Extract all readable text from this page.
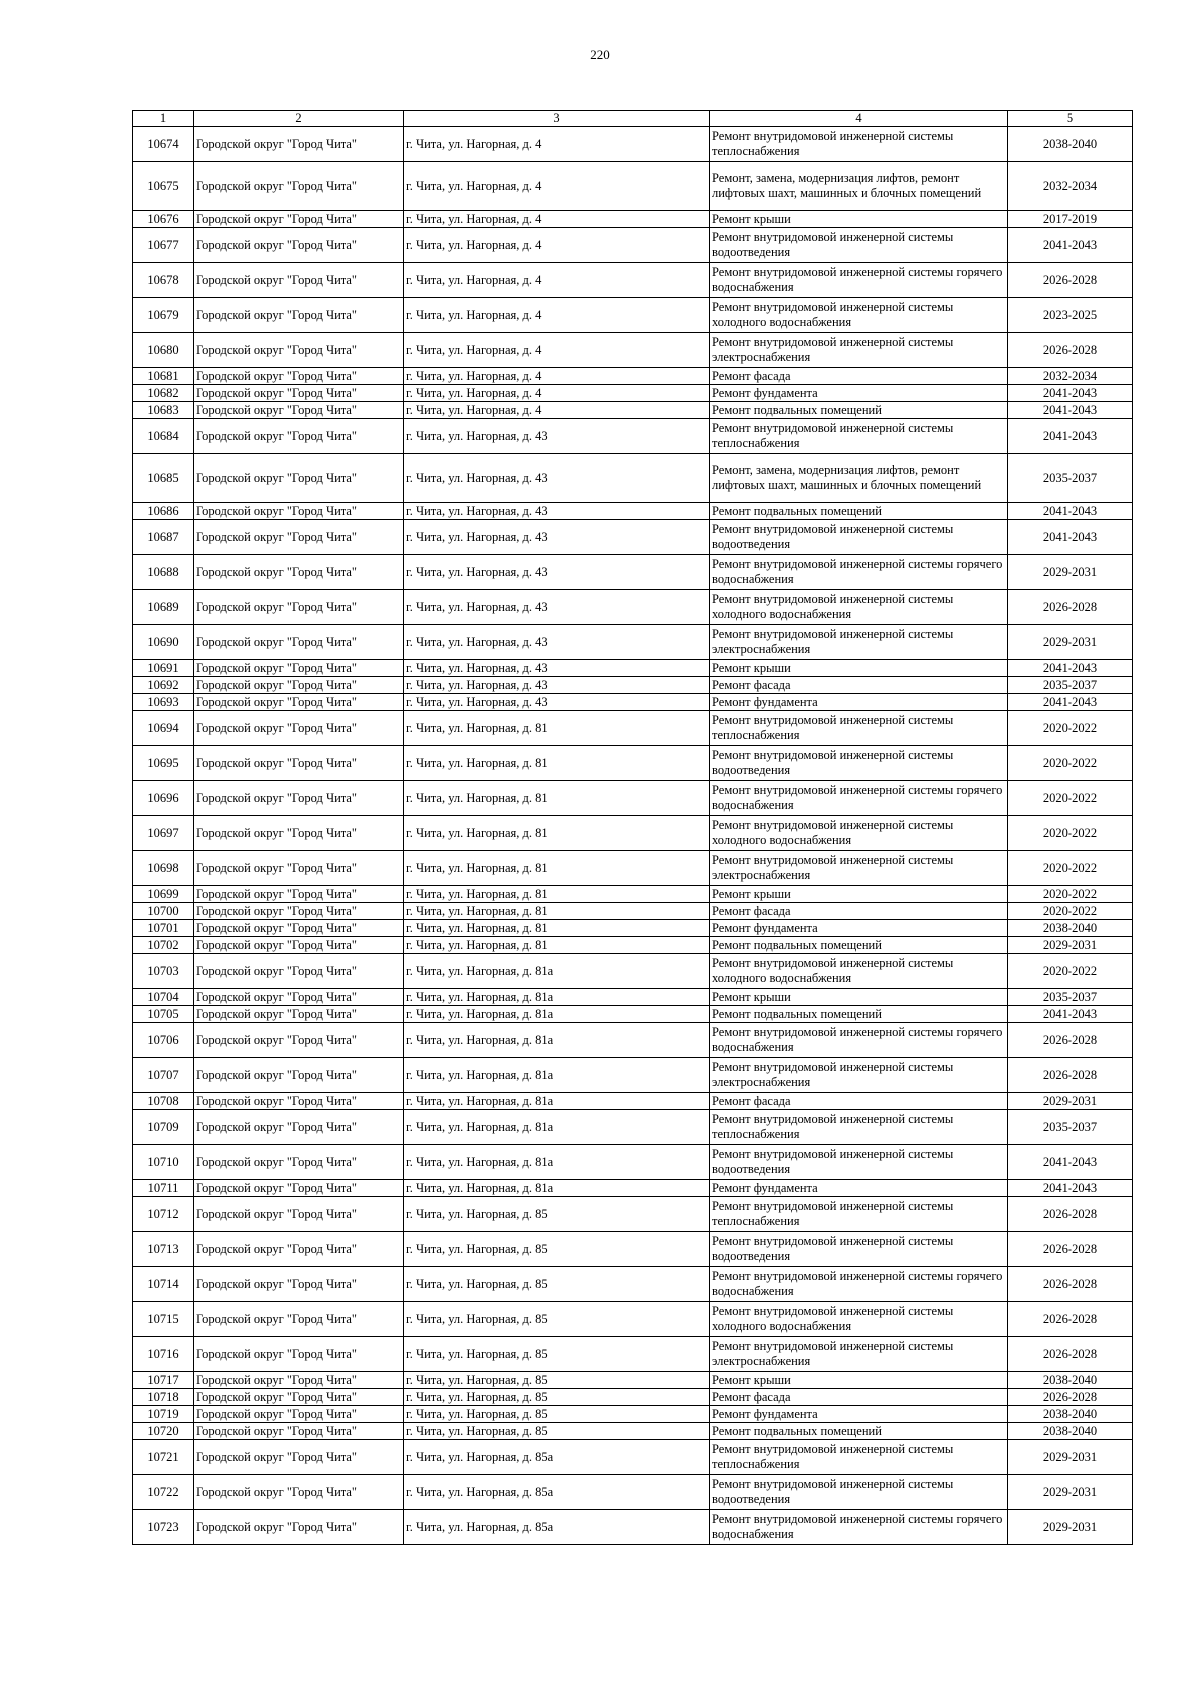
220
1	2	3	4	5
10674	Городской округ "Город Чита"	г. Чита, ул. Нагорная, д. 4	Ремонт внутридомовой инженерной системы теплоснабжения	2038-2040
10675	Городской округ "Город Чита"	г. Чита, ул. Нагорная, д. 4	Ремонт, замена, модернизация лифтов, ремонт лифтовых шахт, машинных и блочных помещений	2032-2034
10676	Городской округ "Город Чита"	г. Чита, ул. Нагорная, д. 4	Ремонт крыши	2017-2019
10677	Городской округ "Город Чита"	г. Чита, ул. Нагорная, д. 4	Ремонт внутридомовой инженерной системы водоотведения	2041-2043
10678	Городской округ "Город Чита"	г. Чита, ул. Нагорная, д. 4	Ремонт внутридомовой инженерной системы горячего водоснабжения	2026-2028
10679	Городской округ "Город Чита"	г. Чита, ул. Нагорная, д. 4	Ремонт внутридомовой инженерной системы холодного водоснабжения	2023-2025
10680	Городской округ "Город Чита"	г. Чита, ул. Нагорная, д. 4	Ремонт внутридомовой инженерной системы электроснабжения	2026-2028
10681	Городской округ "Город Чита"	г. Чита, ул. Нагорная, д. 4	Ремонт фасада	2032-2034
10682	Городской округ "Город Чита"	г. Чита, ул. Нагорная, д. 4	Ремонт фундамента	2041-2043
10683	Городской округ "Город Чита"	г. Чита, ул. Нагорная, д. 4	Ремонт подвальных помещений	2041-2043
10684	Городской округ "Город Чита"	г. Чита, ул. Нагорная, д. 43	Ремонт внутридомовой инженерной системы теплоснабжения	2041-2043
10685	Городской округ "Город Чита"	г. Чита, ул. Нагорная, д. 43	Ремонт, замена, модернизация лифтов, ремонт лифтовых шахт, машинных и блочных помещений	2035-2037
10686	Городской округ "Город Чита"	г. Чита, ул. Нагорная, д. 43	Ремонт подвальных помещений	2041-2043
10687	Городской округ "Город Чита"	г. Чита, ул. Нагорная, д. 43	Ремонт внутридомовой инженерной системы водоотведения	2041-2043
10688	Городской округ "Город Чита"	г. Чита, ул. Нагорная, д. 43	Ремонт внутридомовой инженерной системы горячего водоснабжения	2029-2031
10689	Городской округ "Город Чита"	г. Чита, ул. Нагорная, д. 43	Ремонт внутридомовой инженерной системы холодного водоснабжения	2026-2028
10690	Городской округ "Город Чита"	г. Чита, ул. Нагорная, д. 43	Ремонт внутридомовой инженерной системы электроснабжения	2029-2031
10691	Городской округ "Город Чита"	г. Чита, ул. Нагорная, д. 43	Ремонт крыши	2041-2043
10692	Городской округ "Город Чита"	г. Чита, ул. Нагорная, д. 43	Ремонт фасада	2035-2037
10693	Городской округ "Город Чита"	г. Чита, ул. Нагорная, д. 43	Ремонт фундамента	2041-2043
10694	Городской округ "Город Чита"	г. Чита, ул. Нагорная, д. 81	Ремонт внутридомовой инженерной системы теплоснабжения	2020-2022
10695	Городской округ "Город Чита"	г. Чита, ул. Нагорная, д. 81	Ремонт внутридомовой инженерной системы водоотведения	2020-2022
10696	Городской округ "Город Чита"	г. Чита, ул. Нагорная, д. 81	Ремонт внутридомовой инженерной системы горячего водоснабжения	2020-2022
10697	Городской округ "Город Чита"	г. Чита, ул. Нагорная, д. 81	Ремонт внутридомовой инженерной системы холодного водоснабжения	2020-2022
10698	Городской округ "Город Чита"	г. Чита, ул. Нагорная, д. 81	Ремонт внутридомовой инженерной системы электроснабжения	2020-2022
10699	Городской округ "Город Чита"	г. Чита, ул. Нагорная, д. 81	Ремонт крыши	2020-2022
10700	Городской округ "Город Чита"	г. Чита, ул. Нагорная, д. 81	Ремонт фасада	2020-2022
10701	Городской округ "Город Чита"	г. Чита, ул. Нагорная, д. 81	Ремонт фундамента	2038-2040
10702	Городской округ "Город Чита"	г. Чита, ул. Нагорная, д. 81	Ремонт подвальных помещений	2029-2031
10703	Городской округ "Город Чита"	г. Чита, ул. Нагорная, д. 81а	Ремонт внутридомовой инженерной системы холодного водоснабжения	2020-2022
10704	Городской округ "Город Чита"	г. Чита, ул. Нагорная, д. 81а	Ремонт крыши	2035-2037
10705	Городской округ "Город Чита"	г. Чита, ул. Нагорная, д. 81а	Ремонт подвальных помещений	2041-2043
10706	Городской округ "Город Чита"	г. Чита, ул. Нагорная, д. 81а	Ремонт внутридомовой инженерной системы горячего водоснабжения	2026-2028
10707	Городской округ "Город Чита"	г. Чита, ул. Нагорная, д. 81а	Ремонт внутридомовой инженерной системы электроснабжения	2026-2028
10708	Городской округ "Город Чита"	г. Чита, ул. Нагорная, д. 81а	Ремонт фасада	2029-2031
10709	Городской округ "Город Чита"	г. Чита, ул. Нагорная, д. 81а	Ремонт внутридомовой инженерной системы теплоснабжения	2035-2037
10710	Городской округ "Город Чита"	г. Чита, ул. Нагорная, д. 81а	Ремонт внутридомовой инженерной системы водоотведения	2041-2043
10711	Городской округ "Город Чита"	г. Чита, ул. Нагорная, д. 81а	Ремонт фундамента	2041-2043
10712	Городской округ "Город Чита"	г. Чита, ул. Нагорная, д. 85	Ремонт внутридомовой инженерной системы теплоснабжения	2026-2028
10713	Городской округ "Город Чита"	г. Чита, ул. Нагорная, д. 85	Ремонт внутридомовой инженерной системы водоотведения	2026-2028
10714	Городской округ "Город Чита"	г. Чита, ул. Нагорная, д. 85	Ремонт внутридомовой инженерной системы горячего водоснабжения	2026-2028
10715	Городской округ "Город Чита"	г. Чита, ул. Нагорная, д. 85	Ремонт внутридомовой инженерной системы холодного водоснабжения	2026-2028
10716	Городской округ "Город Чита"	г. Чита, ул. Нагорная, д. 85	Ремонт внутридомовой инженерной системы электроснабжения	2026-2028
10717	Городской округ "Город Чита"	г. Чита, ул. Нагорная, д. 85	Ремонт крыши	2038-2040
10718	Городской округ "Город Чита"	г. Чита, ул. Нагорная, д. 85	Ремонт фасада	2026-2028
10719	Городской округ "Город Чита"	г. Чита, ул. Нагорная, д. 85	Ремонт фундамента	2038-2040
10720	Городской округ "Город Чита"	г. Чита, ул. Нагорная, д. 85	Ремонт подвальных помещений	2038-2040
10721	Городской округ "Город Чита"	г. Чита, ул. Нагорная, д. 85а	Ремонт внутридомовой инженерной системы теплоснабжения	2029-2031
10722	Городской округ "Город Чита"	г. Чита, ул. Нагорная, д. 85а	Ремонт внутридомовой инженерной системы водоотведения	2029-2031
10723	Городской округ "Город Чита"	г. Чита, ул. Нагорная, д. 85а	Ремонт внутридомовой инженерной системы горячего водоснабжения	2029-2031
